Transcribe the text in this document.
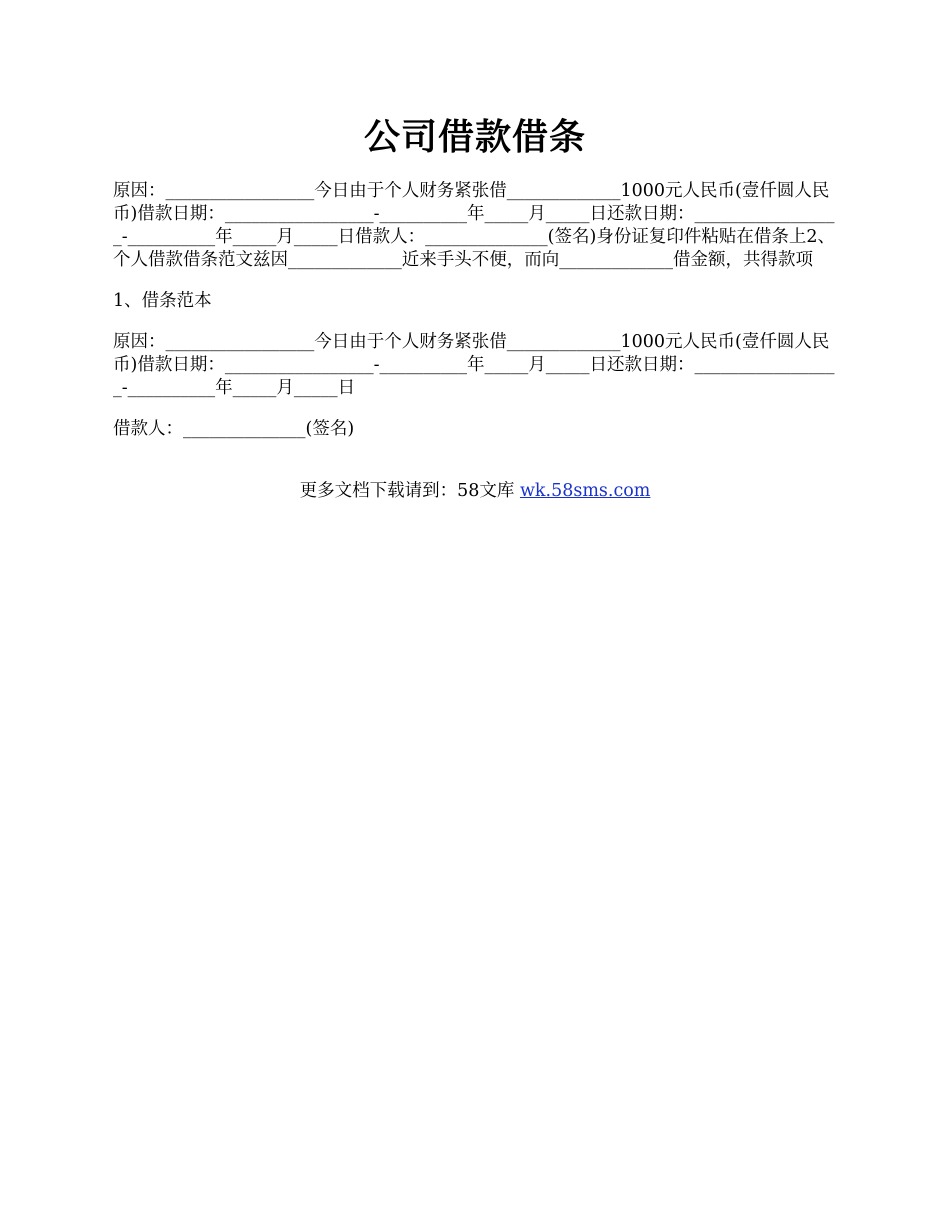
公司借款借条

原因：_________________今日由于个人财务紧张借_____________1000元人民币(壹仟圆人民币)借款日期：_________________-__________年_____月_____日还款日期：_________________-__________年_____月_____日借款人：______________(签名)身份证复印件粘贴在借条上2、个人借款借条范文兹因_____________近来手头不便，而向_____________借金额，共得款项

1、借条范本

原因：_________________今日由于个人财务紧张借_____________1000元人民币(壹仟圆人民币)借款日期：_________________-__________年_____月_____日还款日期：_________________-__________年_____月_____日

借款人：______________(签名)

更多文档下载请到：58文库 wk.58sms.com
